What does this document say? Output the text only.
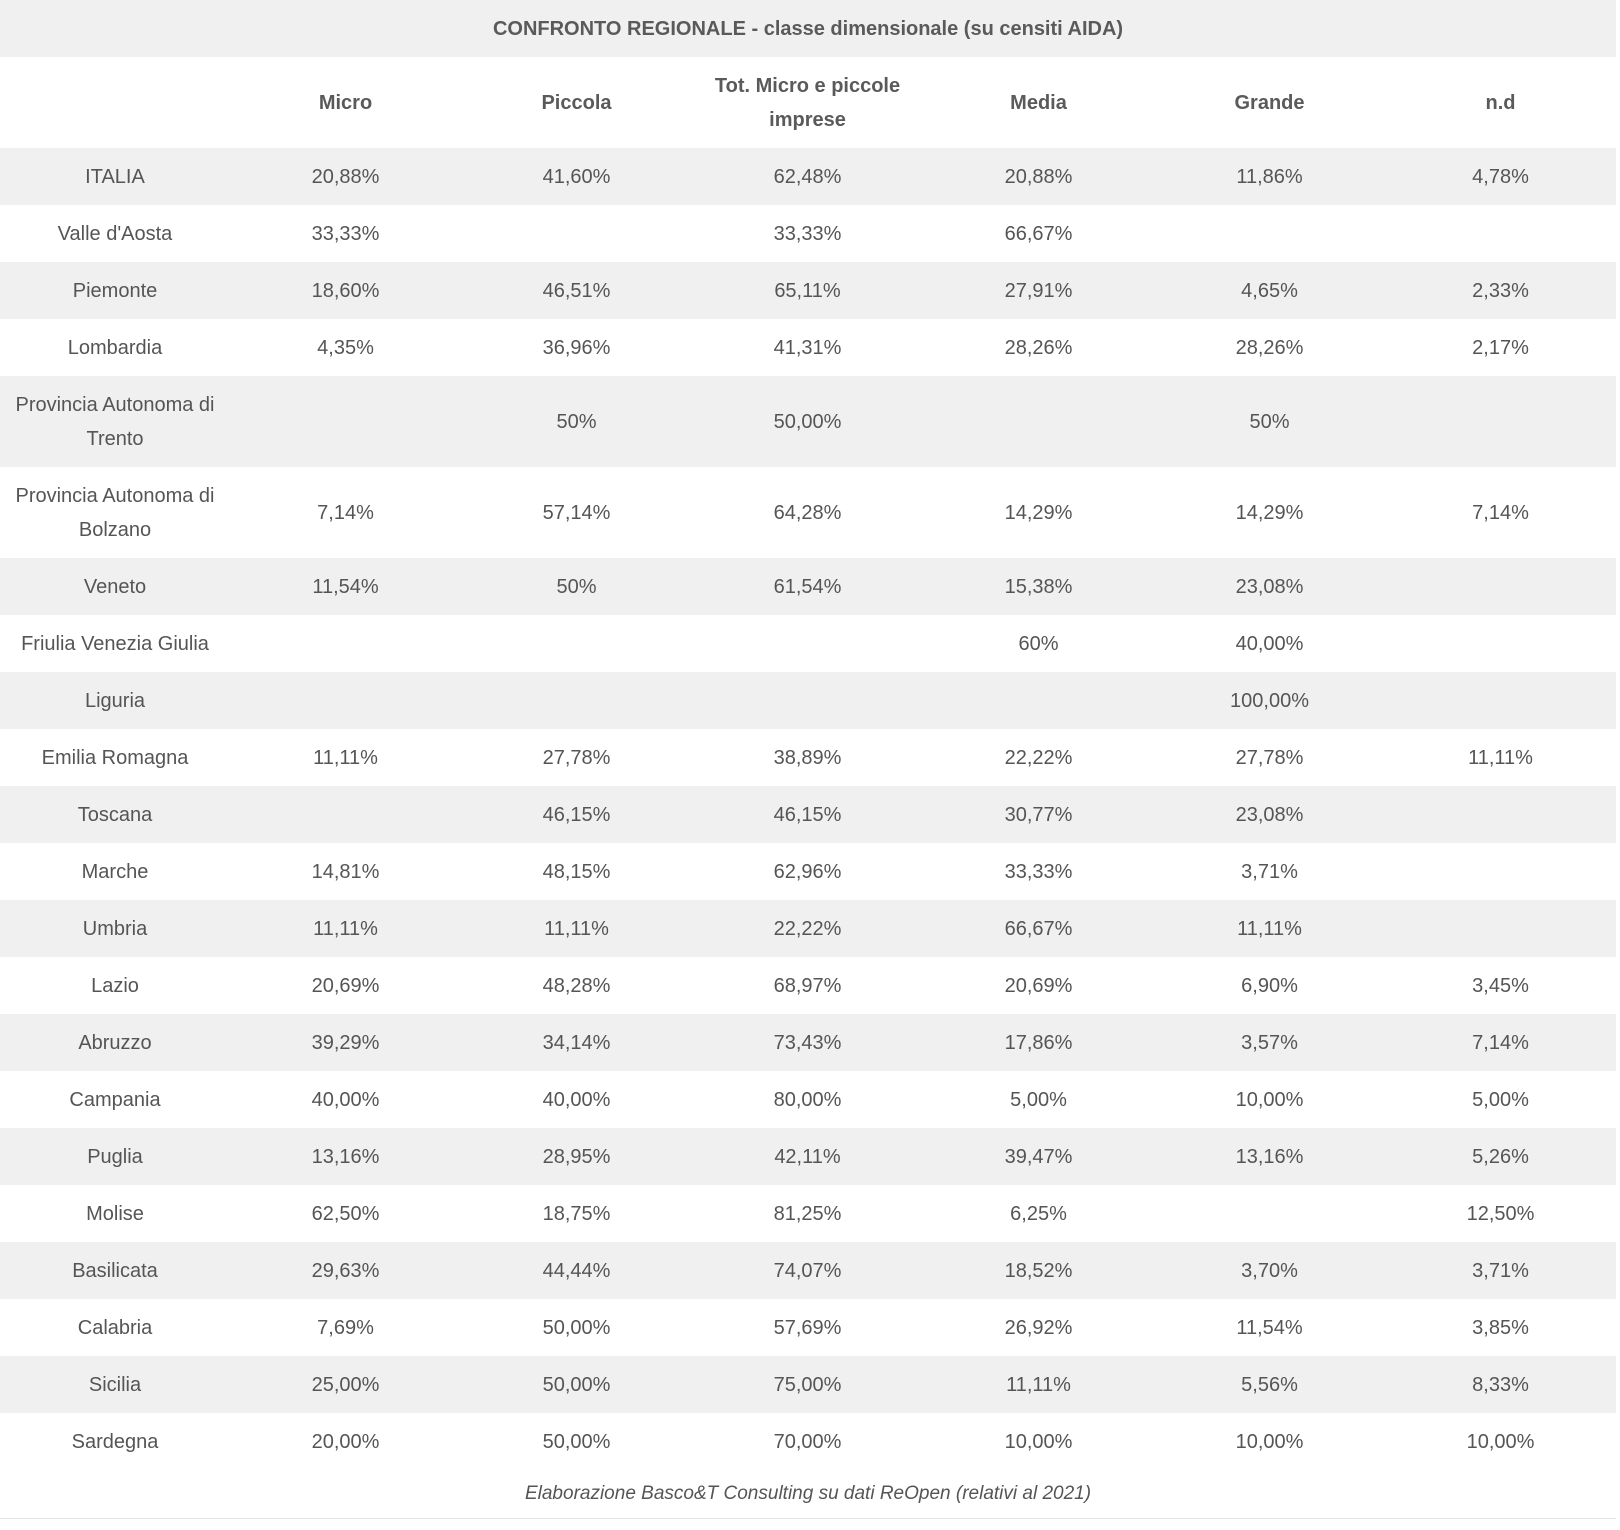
CONFRONTO REGIONALE - classe dimensionale (su censiti AIDA)						
	Micro	Piccola	Tot. Micro e piccole imprese	Media	Grande	n.d
ITALIA	20,88%	41,60%	62,48%	20,88%	11,86%	4,78%
Valle d'Aosta	33,33%		33,33%	66,67%		
Piemonte	18,60%	46,51%	65,11%	27,91%	4,65%	2,33%
Lombardia	4,35%	36,96%	41,31%	28,26%	28,26%	2,17%
Provincia Autonoma di Trento		50%	50,00%		50%	
Provincia Autonoma di Bolzano	7,14%	57,14%	64,28%	14,29%	14,29%	7,14%
Veneto	11,54%	50%	61,54%	15,38%	23,08%	
Friulia Venezia Giulia				60%	40,00%	
Liguria					100,00%	
Emilia Romagna	11,11%	27,78%	38,89%	22,22%	27,78%	11,11%
Toscana		46,15%	46,15%	30,77%	23,08%	
Marche	14,81%	48,15%	62,96%	33,33%	3,71%	
Umbria	11,11%	11,11%	22,22%	66,67%	11,11%	
Lazio	20,69%	48,28%	68,97%	20,69%	6,90%	3,45%
Abruzzo	39,29%	34,14%	73,43%	17,86%	3,57%	7,14%
Campania	40,00%	40,00%	80,00%	5,00%	10,00%	5,00%
Puglia	13,16%	28,95%	42,11%	39,47%	13,16%	5,26%
Molise	62,50%	18,75%	81,25%	6,25%		12,50%
Basilicata	29,63%	44,44%	74,07%	18,52%	3,70%	3,71%
Calabria	7,69%	50,00%	57,69%	26,92%	11,54%	3,85%
Sicilia	25,00%	50,00%	75,00%	11,11%	5,56%	8,33%
Sardegna	20,00%	50,00%	70,00%	10,00%	10,00%	10,00%
Elaborazione Basco&T Consulting su dati ReOpen (relativi al 2021)						
